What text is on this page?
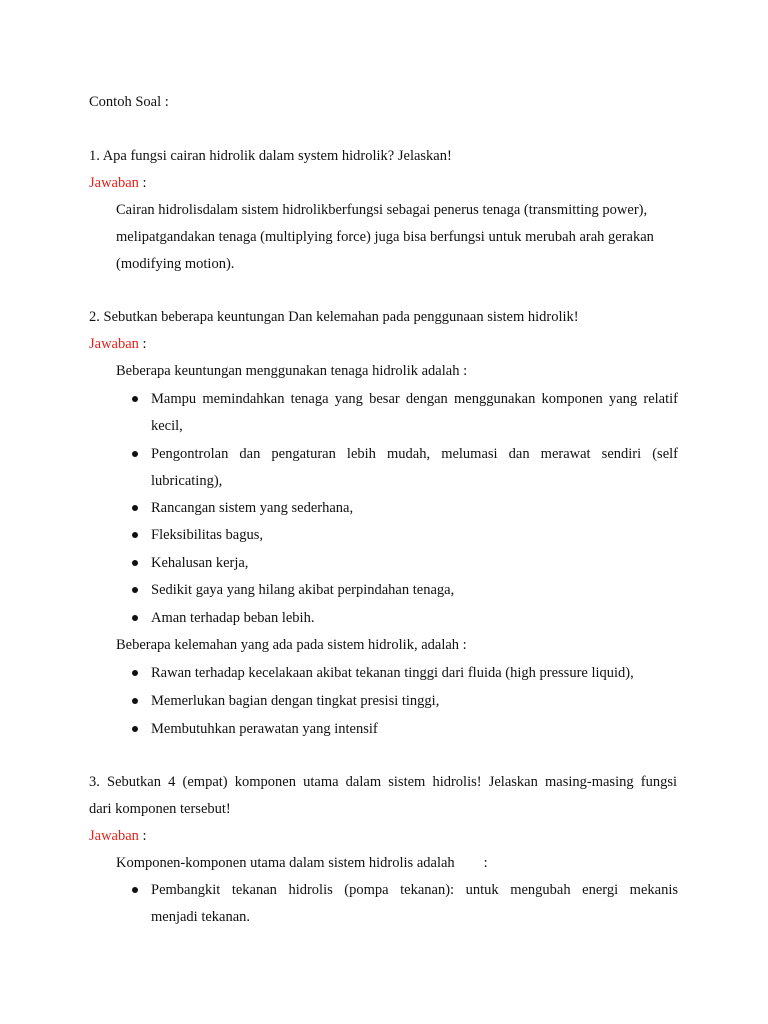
Contoh Soal :
1. Apa fungsi cairan hidrolik dalam system hidrolik? Jelaskan!
Jawaban :
Cairan hidrolisdalam sistem hidrolikberfungsi sebagai penerus tenaga (transmitting power),
melipatgandakan tenaga (multiplying force) juga bisa berfungsi untuk merubah arah gerakan
(modifying motion).
2. Sebutkan beberapa keuntungan Dan kelemahan pada penggunaan sistem hidrolik!
Jawaban :
Beberapa keuntungan menggunakan tenaga hidrolik adalah :
Mampu memindahkan tenaga yang besar dengan menggunakan komponen yang relatif
kecil,
Pengontrolan dan pengaturan lebih mudah, melumasi dan merawat sendiri (self
lubricating),
Rancangan sistem yang sederhana,
Fleksibilitas bagus,
Kehalusan kerja,
Sedikit gaya yang hilang akibat perpindahan tenaga,
Aman terhadap beban lebih.
Beberapa kelemahan yang ada pada sistem hidrolik, adalah :
Rawan terhadap kecelakaan akibat tekanan tinggi dari fluida (high pressure liquid),
Memerlukan bagian dengan tingkat presisi tinggi,
Membutuhkan perawatan yang intensif
3. Sebutkan 4 (empat) komponen utama dalam sistem hidrolis! Jelaskan masing-masing fungsi
dari komponen tersebut!
Jawaban :
Komponen-komponen utama dalam sistem hidrolis adalah        :
Pembangkit tekanan hidrolis (pompa tekanan): untuk mengubah energi mekanis
menjadi tekanan.
